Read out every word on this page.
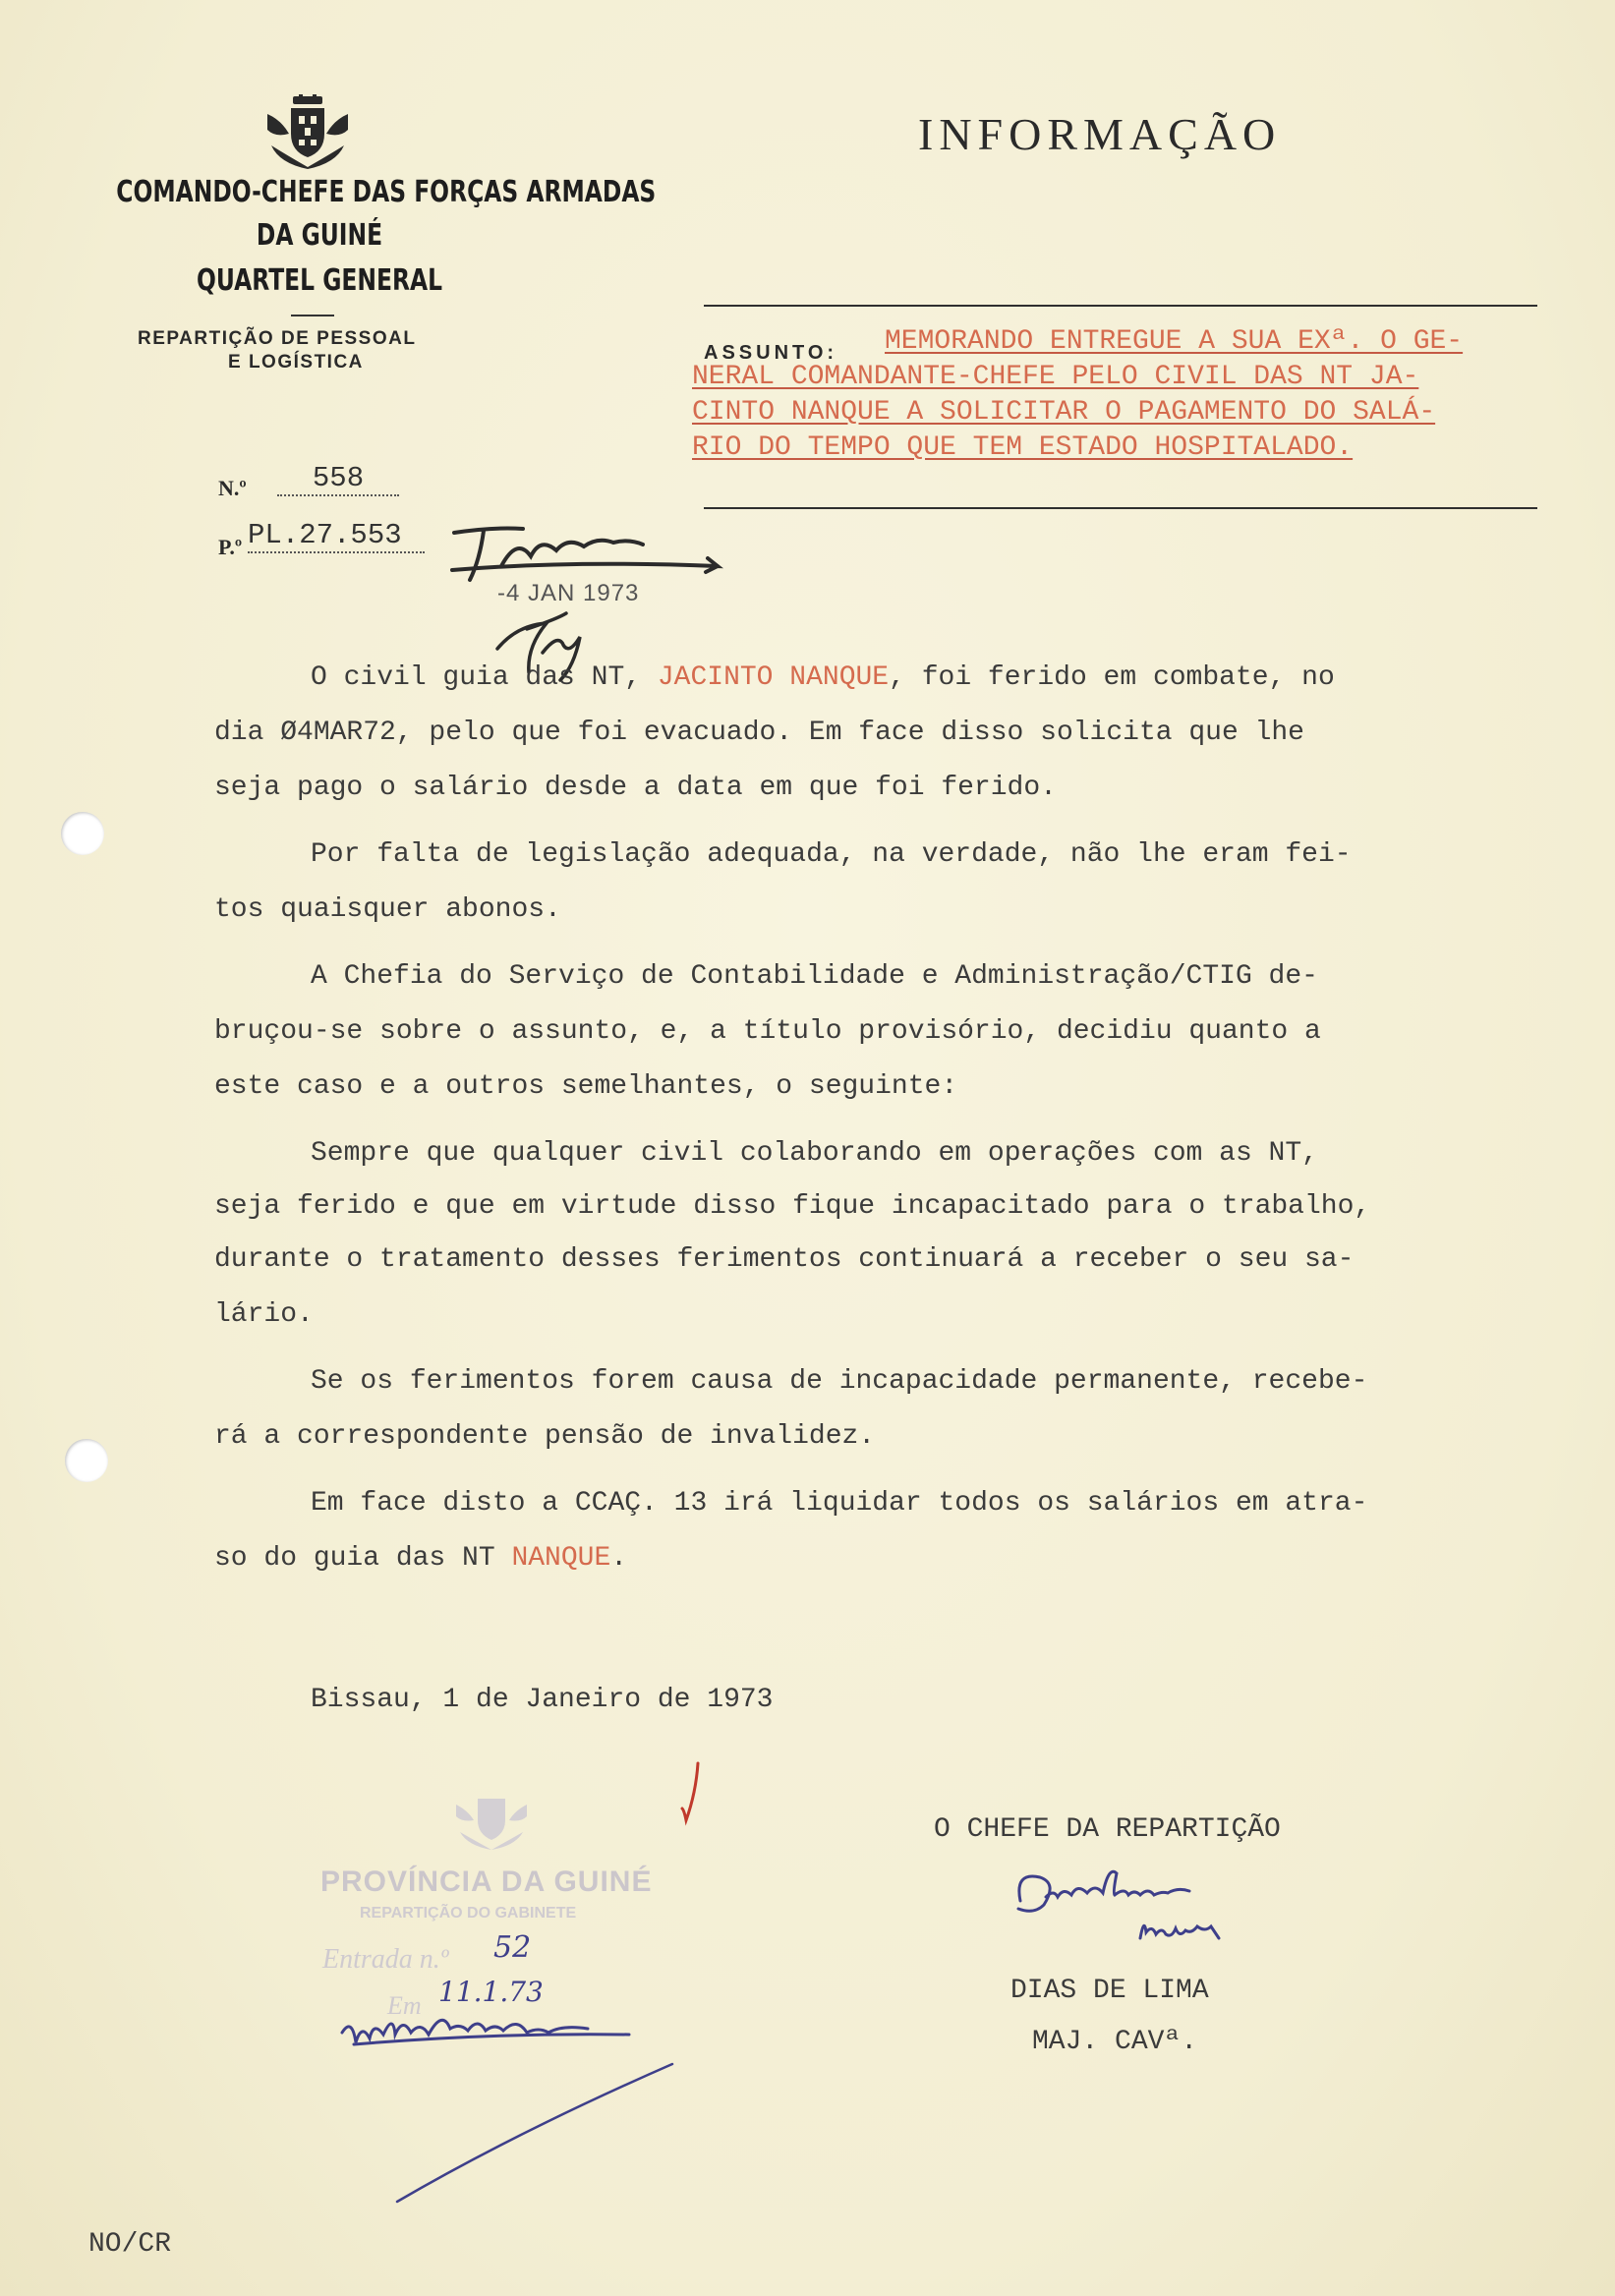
COMANDO-CHEFE DAS FORÇAS ARMADAS
DA GUINÉ
QUARTEL GENERAL
REPARTIÇÃO DE PESSOAL
E LOGÍSTICA
INFORMAÇÃO
ASSUNTO: MEMORANDO ENTREGUE A SUA EXª. O GE-
NERAL COMANDANTE-CHEFE PELO CIVIL DAS NT JA-
CINTO NANQUE A SOLICITAR O PAGAMENTO DO SALÁ-
RIO DO TEMPO QUE TEM ESTADO HOSPITALADO.
N.º	558
P.º PL.27.553
-4 JAN 1973
O civil guia das NT, JACINTO NANQUE, foi ferido em combate, no
dia Ø4MAR72, pelo que foi evacuado. Em face disso solicita que lhe
seja pago o salário desde a data em que foi ferido.
Por falta de legislação adequada, na verdade, não lhe eram fei-
tos quaisquer abonos.
A Chefia do Serviço de Contabilidade e Administração/CTIG de-
bruçou-se sobre o assunto, e, a título provisório, decidiu quanto a
este caso e a outros semelhantes, o seguinte:
Sempre que qualquer civil colaborando em operações com as NT,
seja ferido e que em virtude disso fique incapacitado para o trabalho,
durante o tratamento desses ferimentos continuará a receber o seu sa-
lário.
Se os ferimentos forem causa de incapacidade permanente, recebe-
rá a correspondente pensão de invalidez.
Em face disto a CCAÇ. 13 irá liquidar todos os salários em atra-
so do guia das NT NANQUE.
Bissau, 1 de Janeiro de 1973
O CHEFE DA REPARTIÇÃO
DIAS DE LIMA
MAJ. CAVª.
PROVÍNCIA DA GUINÉ
REPARTIÇÃO DO GABINETE
Entrada n.º
Em
52
11.1.73
NO/CR
